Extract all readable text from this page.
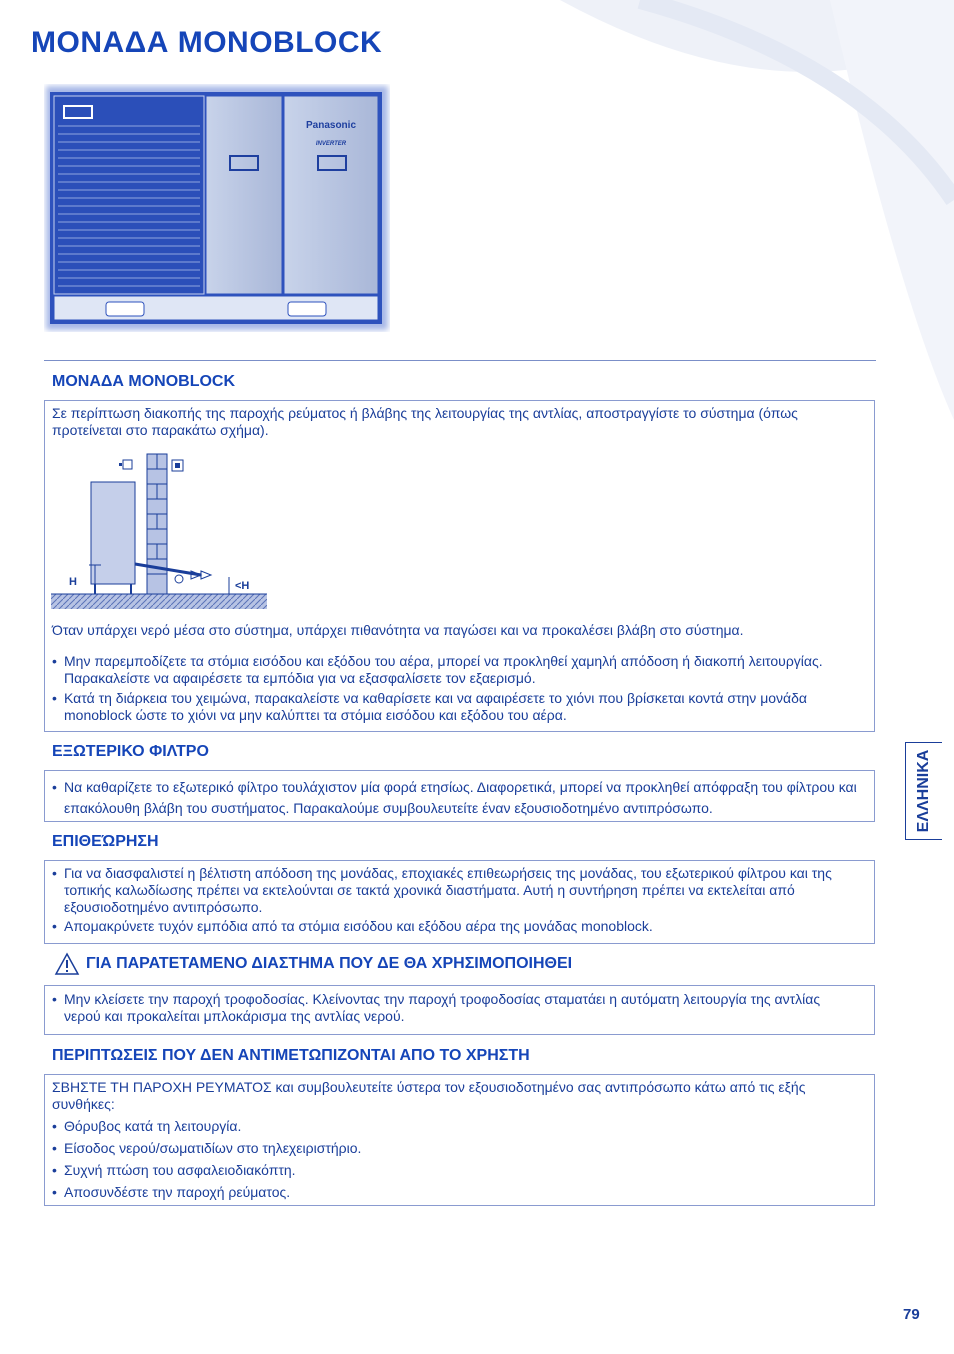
ΜΟΝΑΔΑ MONOBLOCK
Panasonic
INVERTER
ΕΛΛΗΝΙΚΑ
ΜΟΝΑΔΑ MONOBLOCK

Σε περίπτωση διακοπής της παροχής ρεύματος ή βλάβης της λειτουργίας της αντλίας, αποστραγγίστε το σύστημα (όπως προτείνεται στο παρακάτω σχήμα).

H	<H

Όταν υπάρχει νερό μέσα στο σύστημα, υπάρχει πιθανότητα να παγώσει και να προκαλέσει βλάβη στο σύστημα.

• Μην παρεμποδίζετε τα στόμια εισόδου και εξόδου του αέρα, μπορεί να προκληθεί χαμηλή απόδοση ή διακοπή λειτουργίας. Παρακαλείστε να αφαιρέσετε τα εμπόδια για να εξασφαλίσετε τον εξαερισμό.
• Κατά τη διάρκεια του χειμώνα, παρακαλείστε να καθαρίσετε και να αφαιρέσετε το χιόνι που βρίσκεται κοντά στην μονάδα monoblock ώστε το χιόνι να μην καλύπτει τα στόμια εισόδου και εξόδου του αέρα.
ΕΞΩΤΕΡΙΚΟ ΦΙΛΤΡΟ
• Να καθαρίζετε το εξωτερικό φίλτρο τουλάχιστον μία φορά ετησίως. Διαφορετικά, μπορεί να προκληθεί απόφραξη του φίλτρου και επακόλουθη βλάβη του συστήματος. Παρακαλούμε συμβουλευτείτε έναν εξουσιοδοτημένο αντιπρόσωπο.
ΕΠΙΘΕΏΡΗΣΗ
• Για να διασφαλιστεί η βέλτιστη απόδοση της μονάδας, εποχιακές επιθεωρήσεις της μονάδας, του εξωτερικού φίλτρου και της τοπικής καλωδίωσης πρέπει να εκτελούνται σε τακτά χρονικά διαστήματα. Αυτή η συντήρηση πρέπει να εκτελείται από εξουσιοδοτημένο αντιπρόσωπο.
• Απομακρύνετε τυχόν εμπόδια από τα στόμια εισόδου και εξόδου αέρα της μονάδας monoblock.
ΓΙΑ ΠΑΡΑΤΕΤΑΜΕΝΟ ΔΙΑΣΤΗΜΑ ΠΟΥ ΔΕ ΘΑ ΧΡΗΣΙΜΟΠΟΙΗΘΕΙ
• Μην κλείσετε την παροχή τροφοδοσίας. Κλείνοντας την παροχή τροφοδοσίας σταματάει η αυτόματη λειτουργία της αντλίας νερού και προκαλείται μπλοκάρισμα της αντλίας νερού.
ΠΕΡΙΠΤΩΣΕΙΣ ΠΟΥ ΔΕΝ ΑΝΤΙΜΕΤΩΠΙΖΟΝΤΑΙ ΑΠΟ ΤΟ ΧΡΗΣΤΗ

ΣΒΗΣΤΕ ΤΗ ΠΑΡΟΧΗ ΡΕΥΜΑΤΟΣ και συμβουλευτείτε ύστερα τον εξουσιοδοτημένο σας αντιπρόσωπο κάτω από τις εξής συνθήκες:

• Θόρυβος κατά τη λειτουργία.
• Είσοδος νερού/σωματιδίων στο τηλεχειριστήριο.
• Συχνή πτώση του ασφαλειοδιακόπτη.
• Αποσυνδέστε την παροχή ρεύματος.
79
